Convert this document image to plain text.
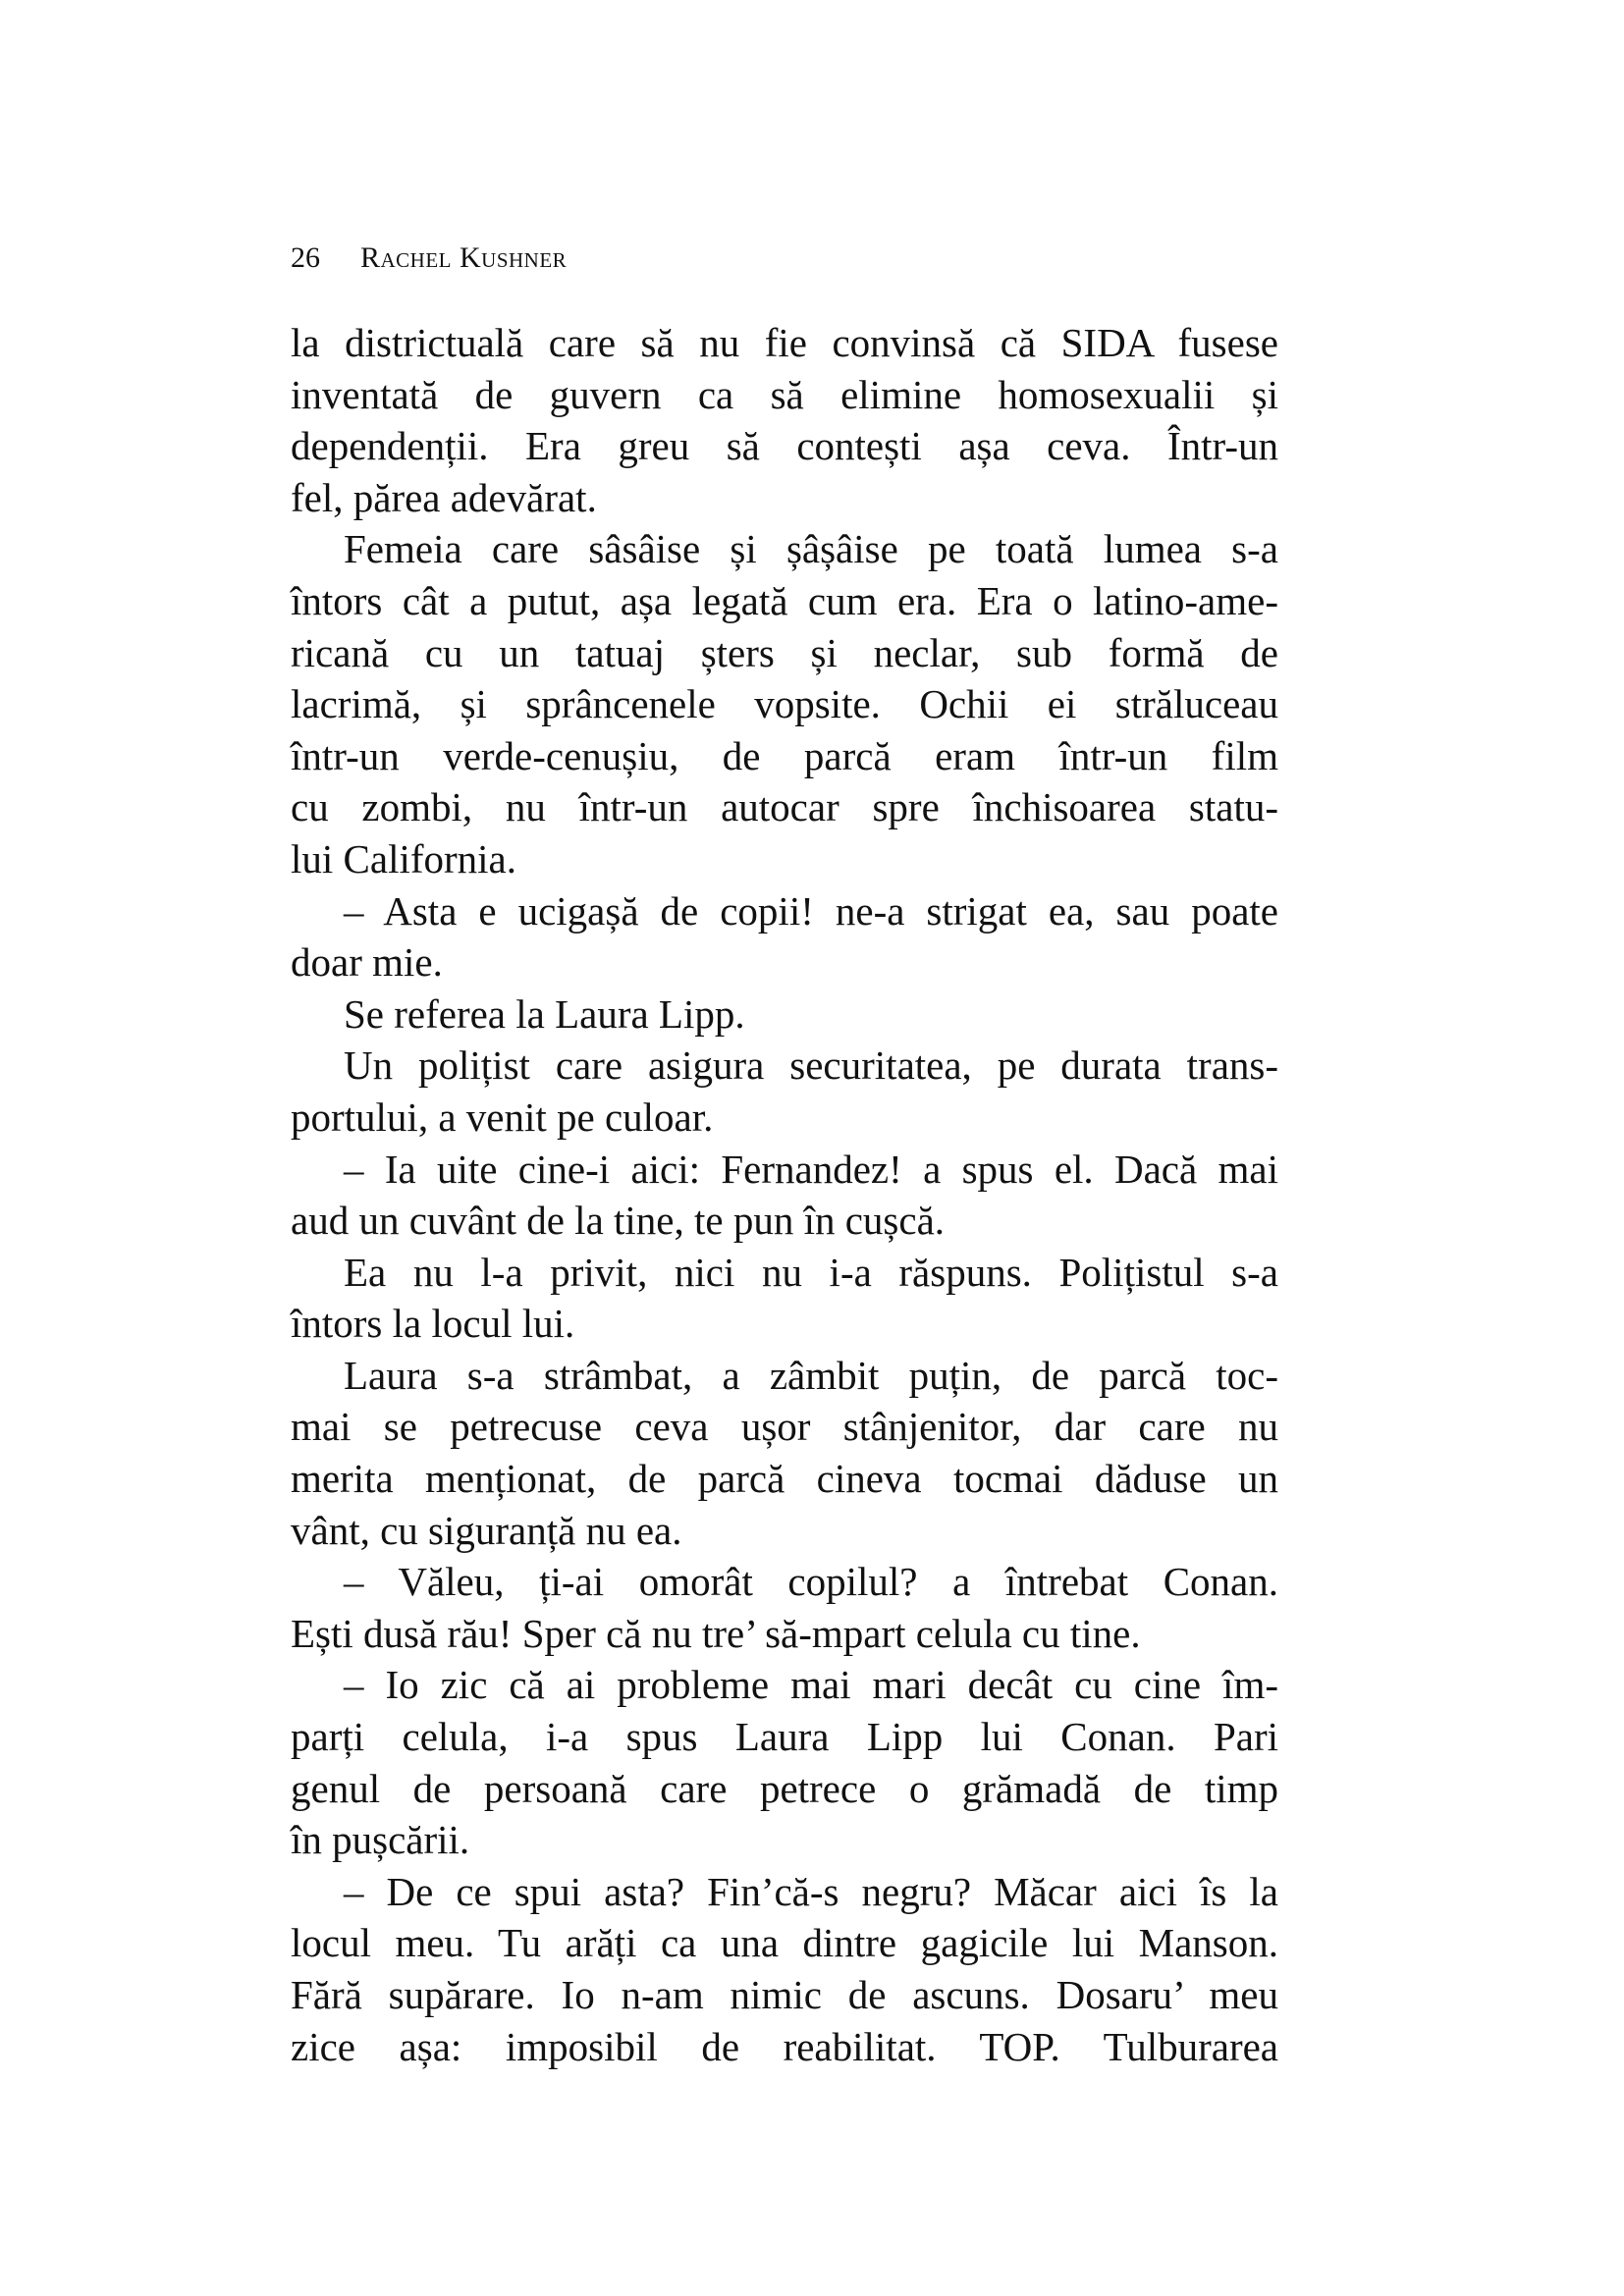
26 Rachel Kushner
la districtuală care să nu fie convinsă că SIDA fusese
inventată de guvern ca să elimine homosexualii și
dependenții. Era greu să contești așa ceva. Într-un
fel, părea adevărat.
Femeia care sâsâise și șâșâise pe toată lumea s-a
întors cât a putut, așa legată cum era. Era o latino-ame-
ricană cu un tatuaj șters și neclar, sub formă de
lacrimă, și sprâncenele vopsite. Ochii ei străluceau
într-un verde-cenușiu, de parcă eram într-un film
cu zombi, nu într-un autocar spre închisoarea statu-
lui California.
– Asta e ucigașă de copii! ne-a strigat ea, sau poate
doar mie.
Se referea la Laura Lipp.
Un polițist care asigura securitatea, pe durata trans-
portului, a venit pe culoar.
– Ia uite cine-i aici: Fernandez! a spus el. Dacă mai
aud un cuvânt de la tine, te pun în cușcă.
Ea nu l-a privit, nici nu i-a răspuns. Polițistul s-a
întors la locul lui.
Laura s-a strâmbat, a zâmbit puțin, de parcă toc-
mai se petrecuse ceva ușor stânjenitor, dar care nu
merita menționat, de parcă cineva tocmai dăduse un
vânt, cu siguranță nu ea.
– Văleu, ți-ai omorât copilul? a întrebat Conan.
Ești dusă rău! Sper că nu tre’ să-mpart celula cu tine.
– Io zic că ai probleme mai mari decât cu cine îm-
parți celula, i-a spus Laura Lipp lui Conan. Pari
genul de persoană care petrece o grămadă de timp
în pușcării.
– De ce spui asta? Fin’că-s negru? Măcar aici îs la
locul meu. Tu arăți ca una dintre gagicile lui Manson.
Fără supărare. Io n-am nimic de ascuns. Dosaru’ meu
zice așa: imposibil de reabilitat. TOP. Tulburarea
